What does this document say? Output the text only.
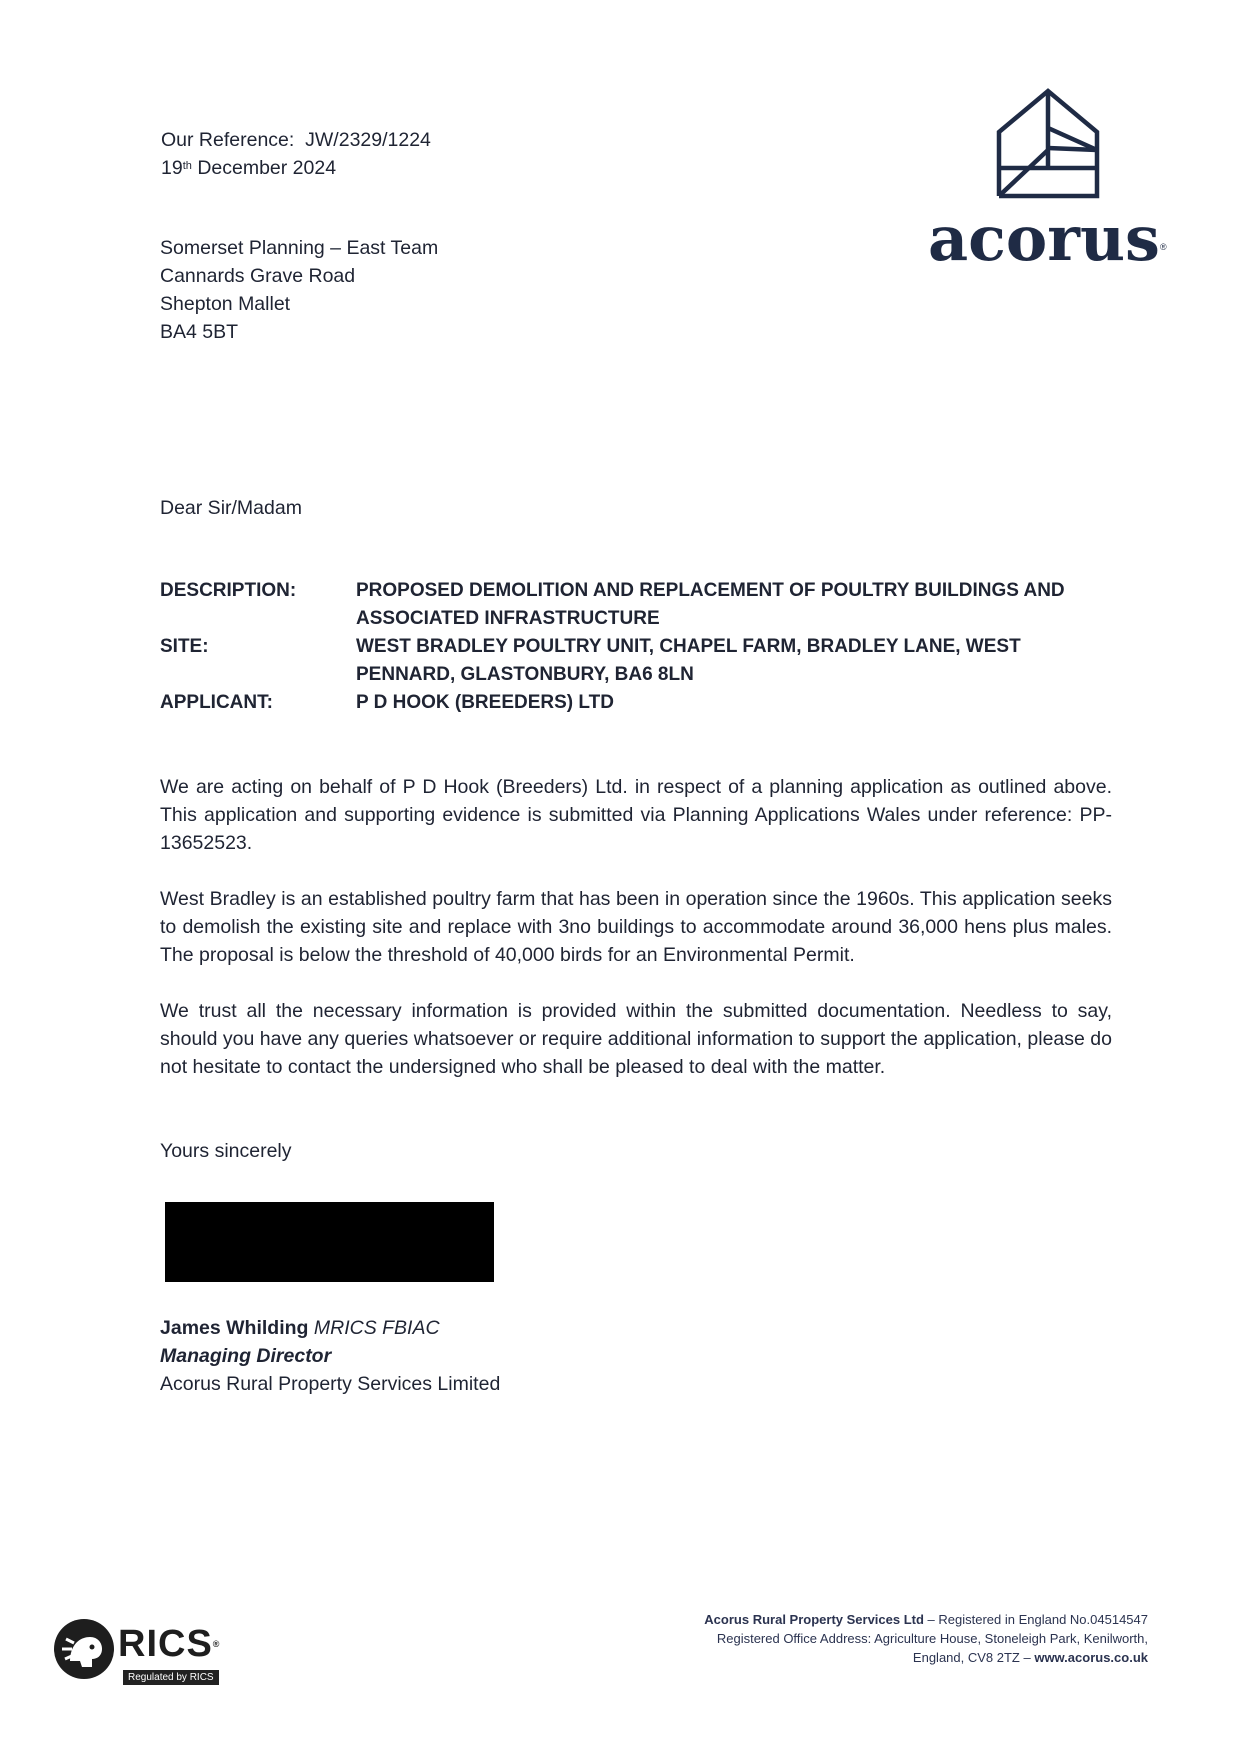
Our Reference: JW/2329/1224
19th December 2024
acorus®
Somerset Planning – East Team
Cannards Grave Road
Shepton Mallet
BA4 5BT
Dear Sir/Madam
DESCRIPTION:	PROPOSED DEMOLITION AND REPLACEMENT OF POULTRY BUILDINGS AND ASSOCIATED INFRASTRUCTURE
SITE:	WEST BRADLEY POULTRY UNIT, CHAPEL FARM, BRADLEY LANE, WEST PENNARD, GLASTONBURY, BA6 8LN
APPLICANT:	P D HOOK (BREEDERS) LTD
We are acting on behalf of P D Hook (Breeders) Ltd. in respect of a planning application as outlined above. This application and supporting evidence is submitted via Planning Applications Wales under reference: PP-13652523.
West Bradley is an established poultry farm that has been in operation since the 1960s. This application seeks to demolish the existing site and replace with 3no buildings to accommodate around 36,000 hens plus males. The proposal is below the threshold of 40,000 birds for an Environmental Permit.
We trust all the necessary information is provided within the submitted documentation. Needless to say, should you have any queries whatsoever or require additional information to support the application, please do not hesitate to contact the undersigned who shall be pleased to deal with the matter.
Yours sincerely
James Whilding MRICS FBIAC
Managing Director
Acorus Rural Property Services Limited
RICS®
Regulated by RICS
Acorus Rural Property Services Ltd – Registered in England No.04514547
Registered Office Address: Agriculture House, Stoneleigh Park, Kenilworth,
England, CV8 2TZ – www.acorus.co.uk
